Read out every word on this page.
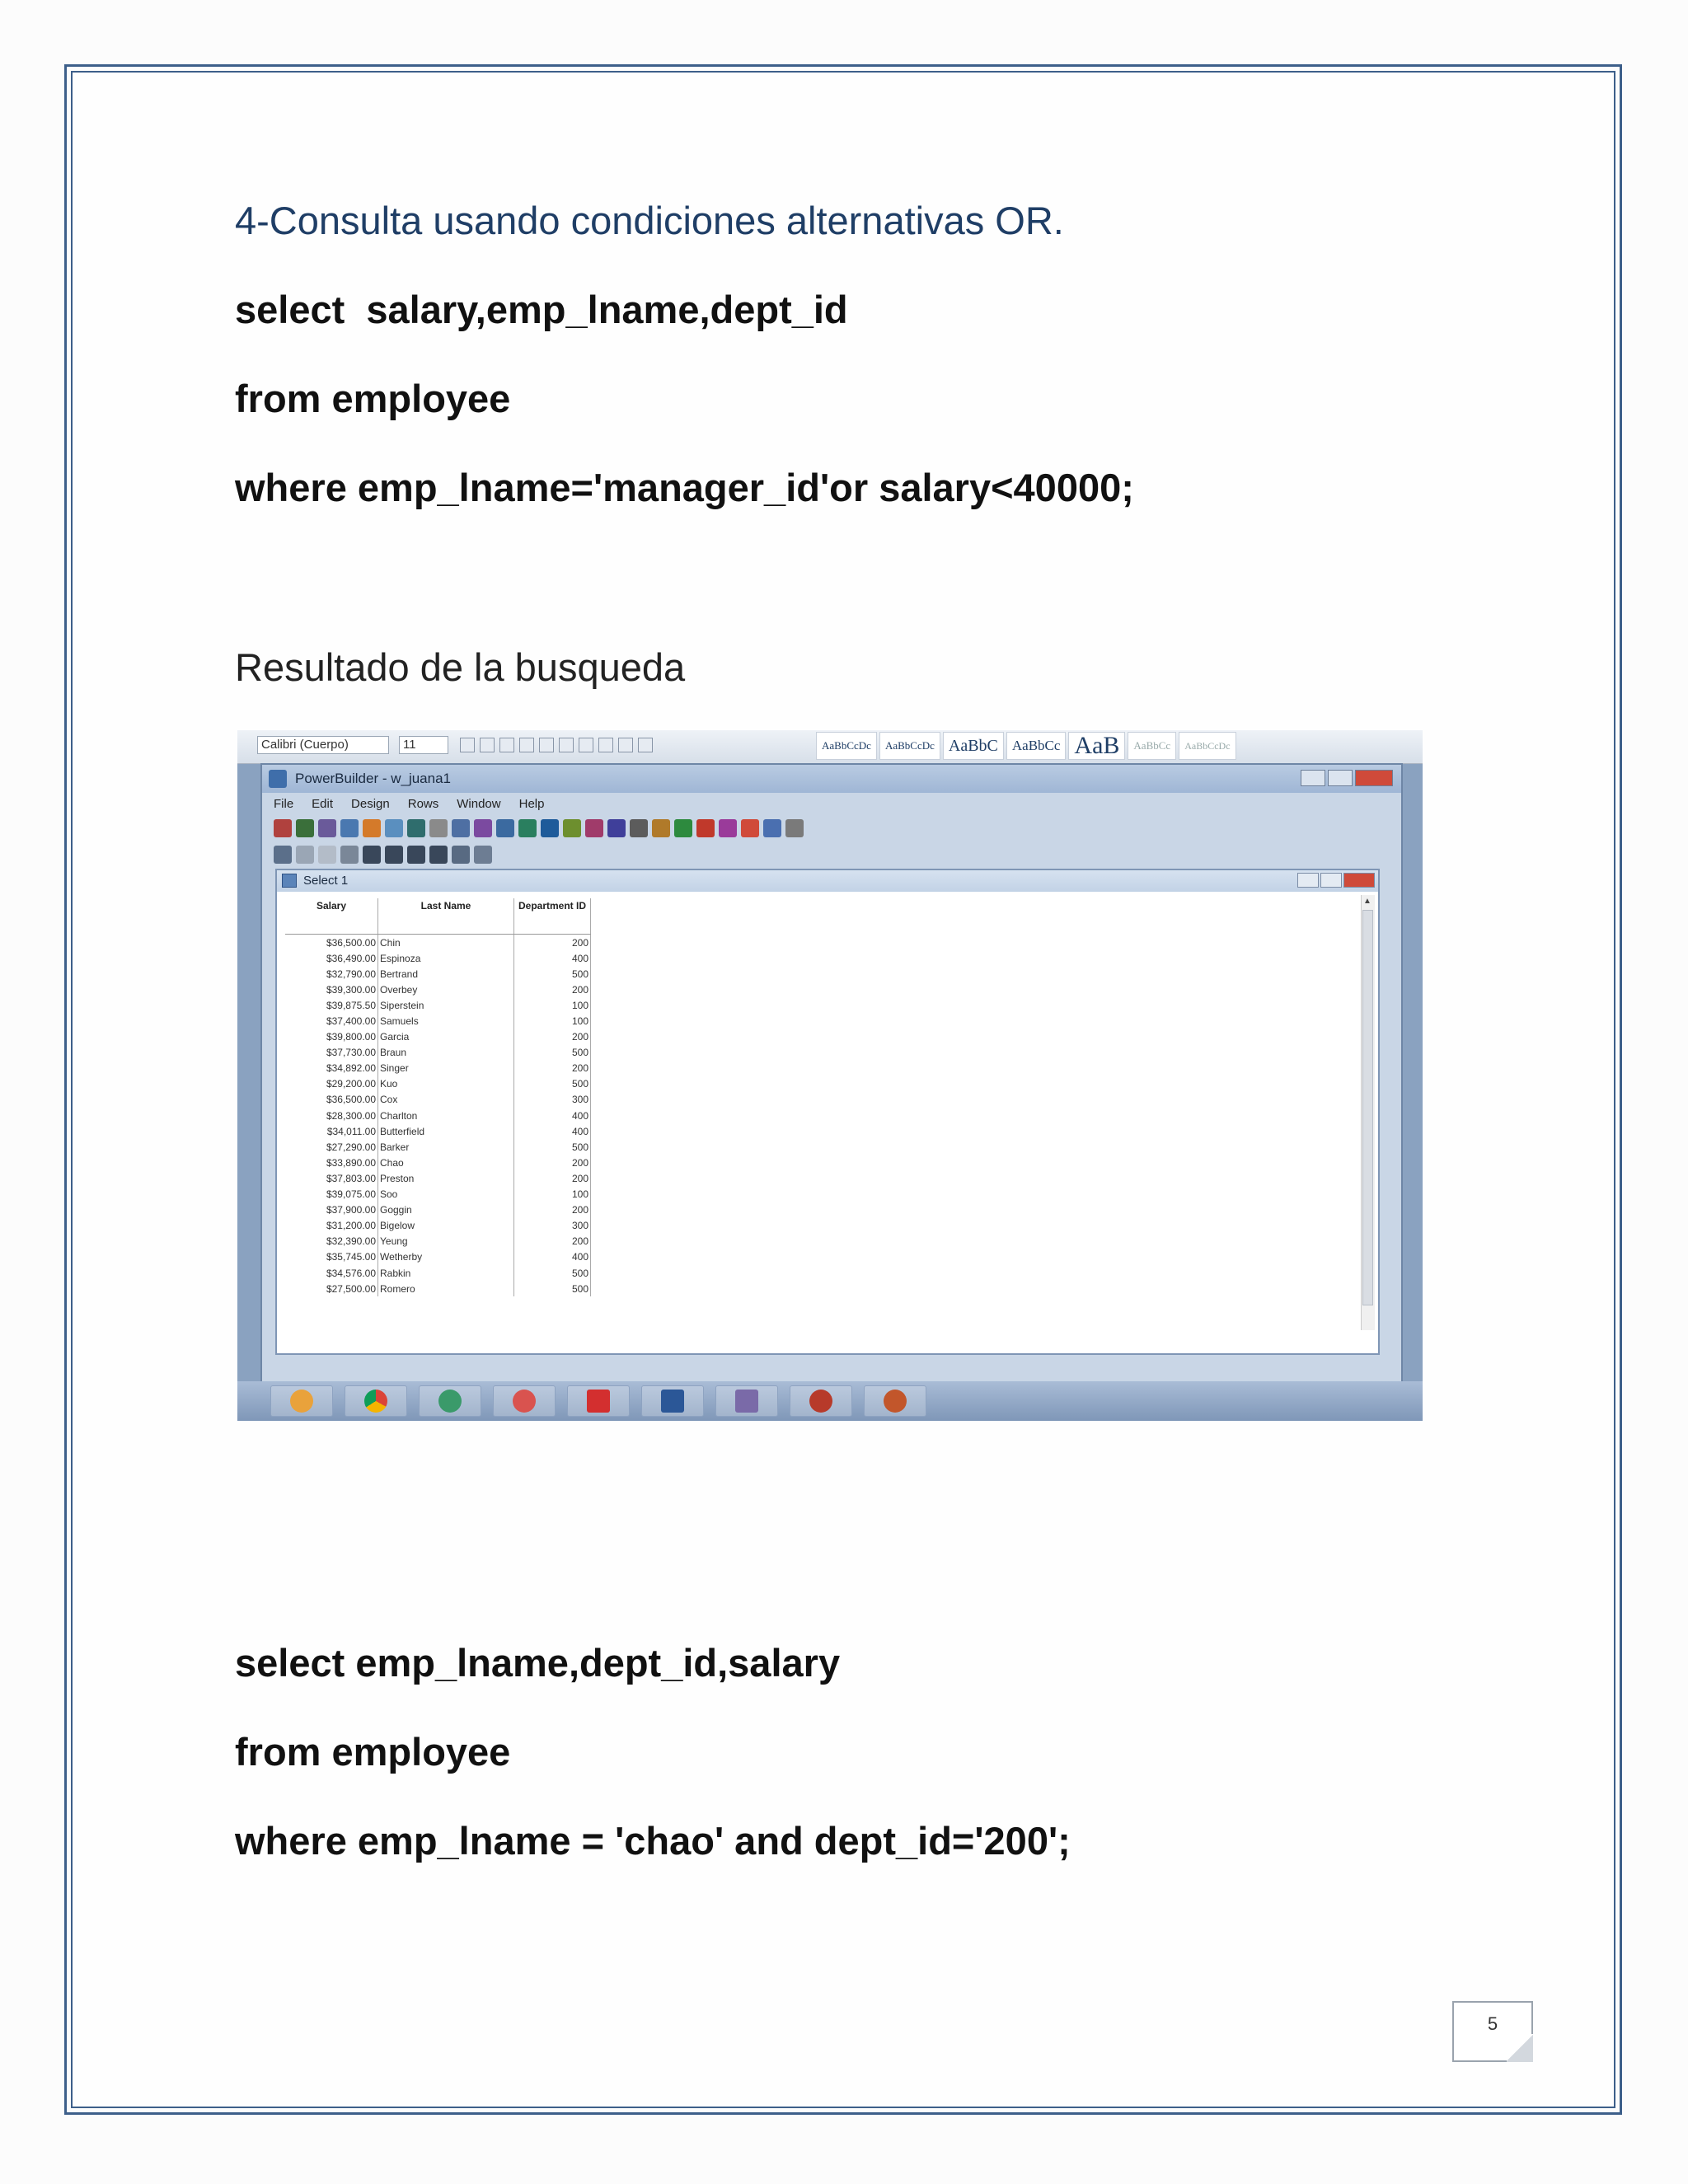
4-Consulta usando condiciones alternativas OR.
select  salary,emp_lname,dept_id
from employee
where emp_lname='manager_id'or salary<40000;
Resultado de la busqueda
Calibri (Cuerpo)	11	AaBbCcDc	AaBbCcDc AaBbC	AaBbCc AaB	AaBbCc	AaBbCcDc
PowerBuilder - w_juana1
File Edit Design Rows Window Help
Select 1
Salary	Last Name	Department ID
$36,500.00	Chin	200
$36,490.00	Espinoza	400
$32,790.00	Bertrand	500
$39,300.00	Overbey	200
$39,875.50	Siperstein	100
$37,400.00	Samuels	100
$39,800.00	Garcia	200
$37,730.00	Braun	500
$34,892.00	Singer	200
$29,200.00	Kuo	500
$36,500.00	Cox	300
$28,300.00	Charlton	400
$34,011.00	Butterfield	400
$27,290.00	Barker	500
$33,890.00	Chao	200
$37,803.00	Preston	200
$39,075.00	Soo	100
$37,900.00	Goggin	200
$31,200.00	Bigelow	300
$32,390.00	Yeung	200
$35,745.00	Wetherby	400
$34,576.00	Rabkin	500
$27,500.00	Romero	500
▲
select emp_lname,dept_id,salary
from employee
where emp_lname = 'chao' and dept_id='200';
5
